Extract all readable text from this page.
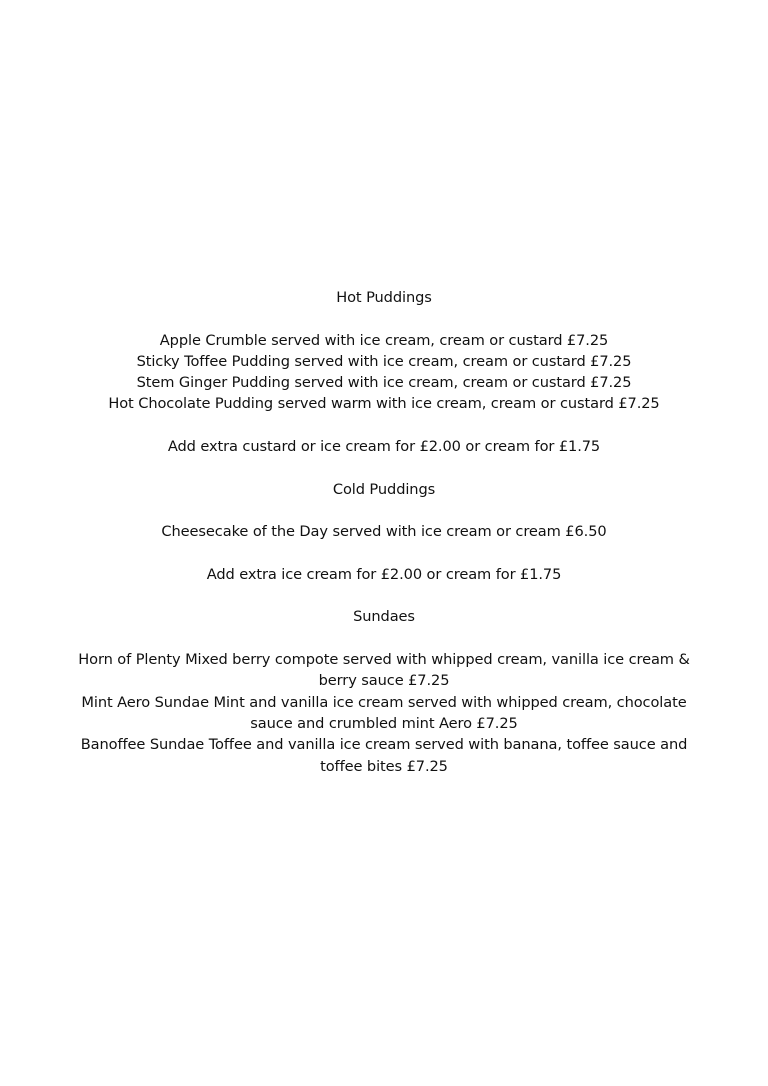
Hot Puddings

Apple Crumble served with ice cream, cream or custard £7.25

Sticky Toffee Pudding served with ice cream, cream or custard £7.25

Stem Ginger Pudding served with ice cream, cream or custard £7.25

Hot Chocolate Pudding served warm with ice cream, cream or custard £7.25

Add extra custard or ice cream for £2.00 or cream for £1.75

Cold Puddings

Cheesecake of the Day served with ice cream or cream £6.50

Add extra ice cream for £2.00 or cream for £1.75

Sundaes

Horn of Plenty Mixed berry compote served with whipped cream, vanilla ice cream & berry sauce £7.25

Mint Aero Sundae Mint and vanilla ice cream served with whipped cream, chocolate sauce and crumbled mint Aero £7.25

Banoffee Sundae Toffee and vanilla ice cream served with banana, toffee sauce and toffee bites £7.25
